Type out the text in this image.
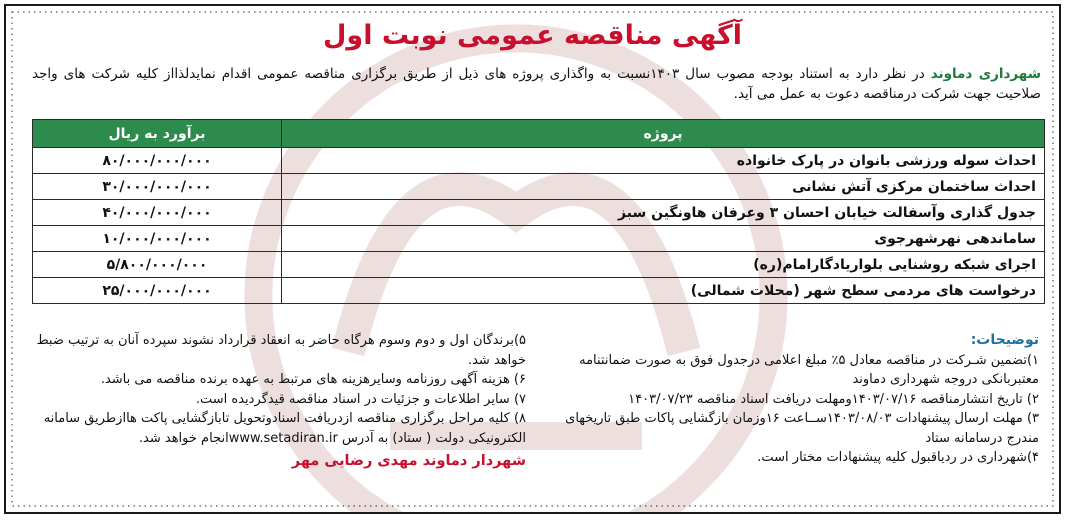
آگهی مناقصه عمومی نوبت اول
شهرداری دماوند در نظر دارد به استناد بودجه مصوب سال ۱۴۰۳نسبت به واگذاری پروژه های ذیل از طریق برگزاری مناقصه عمومی اقدام نمایدلذااز کلیه شرکت های واجد صلاحیت جهت شرکت درمناقصه دعوت به عمل می آید.
پروژه	برآورد به ریال
احداث سوله ورزشی بانوان در پارک خانواده	۸۰/۰۰۰/۰۰۰/۰۰۰
احداث ساختمان مرکزی آتش نشانی	۳۰/۰۰۰/۰۰۰/۰۰۰
جدول گذاری وآسفالت خیابان احسان ۳ وعرفان هاونگین سبز	۴۰/۰۰۰/۰۰۰/۰۰۰
ساماندهی نهرشهرجوی	۱۰/۰۰۰/۰۰۰/۰۰۰
اجرای شبکه روشنایی بلواریادگارامام(ره)	۵/۸۰۰/۰۰۰/۰۰۰
درخواست های مردمی سطح شهر (محلات شمالی)	۲۵/۰۰۰/۰۰۰/۰۰۰
توضیحات:
۱)تضمین شـرکت در مناقصه معادل ۵٪ مبلغ اعلامی درجدول فوق به صورت ضمانتنامه معتبربانکی دروجه شهرداری دماوند
۲) تاریخ انتشارمناقصه ۱۴۰۳/۰۷/۱۶ومهلت دریافت اسناد مناقصه ۱۴۰۳/۰۷/۲۳
۳) مهلت ارسال پیشنهادات ۱۴۰۳/۰۸/۰۳ســاعت ۱۶وزمان بازگشایی پاکات طبق تاریخهای مندرج درسامانه ستاد
۴)شهرداری در ردیاقبول کلیه پیشنهادات مختار است.
۵)برندگان اول و دوم وسوم هرگاه حاضر به انعقاد قرارداد نشوند سپرده آنان به ترتیب ضبط خواهد شد.
۶) هزینه آگهی روزنامه وسایرهزینه های مرتبط به عهده برنده مناقصه می باشد.
۷) سایر اطلاعات و جزئیات در اسناد مناقصه قیدگردیده است.
۸) کلیه مراحل برگزاری مناقصه ازدریافت اسنادوتحویل تابازگشایی پاکت هاازطریق سامانه الکترونیکی دولت ( ستاد) به آدرس www.setadiran.irانجام خواهد شد.
شهردار دماوند مهدی رضایی مهر
